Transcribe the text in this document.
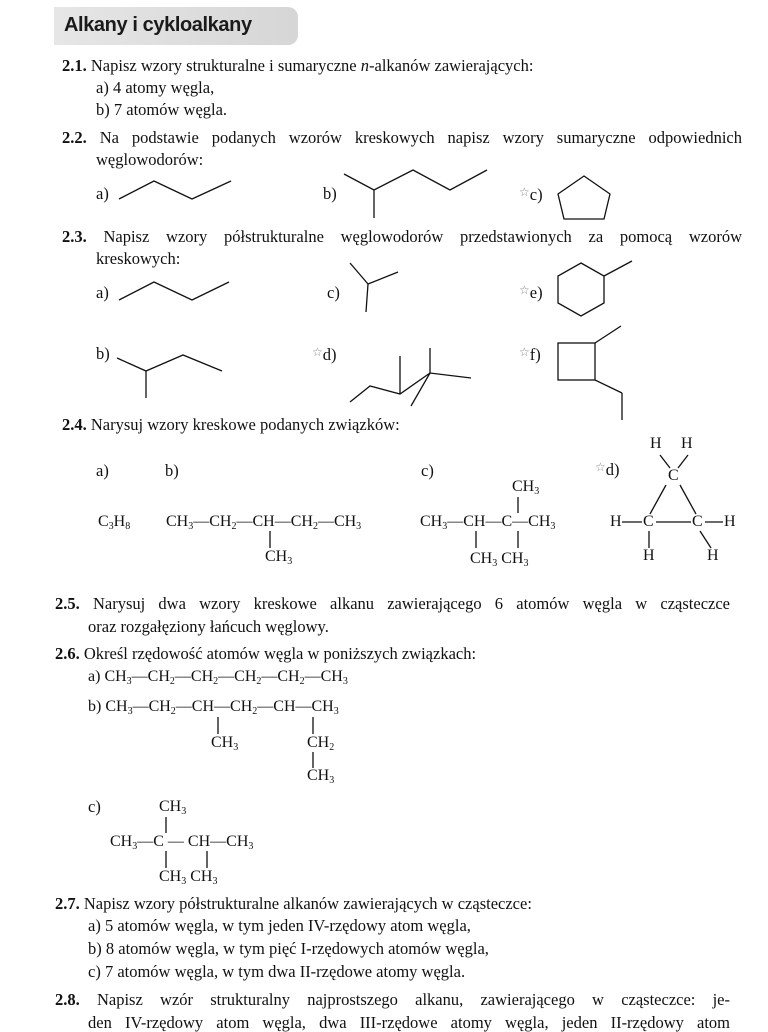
Alkany i cykloalkany
2.1. Napisz wzory strukturalne i sumaryczne n-alkanów zawierających:
a) 4 atomy węgla,
b) 7 atomów węgla.
2.2. Na podstawie podanych wzorów kreskowych napisz wzory sumaryczne odpowiednich
węglowodorów:
a)	b)	☆c)
2.3. Napisz wzory półstrukturalne węglowodorów przedstawionych za pomocą wzorów
kreskowych:
a)	c)	☆e)
b)	☆d)	☆f)
2.4. Narysuj wzory kreskowe podanych związków:
a)	b)	c)	☆d)
$C_3H_8$ $CH_3—CH_2—CH—CH_2—CH_3$
$CH_3$
$CH_3$
$CH_3—CH—C—CH_3$
$CH_3$ $CH_3$
H H
C
H C C H
H	H
2.5. Narysuj dwa wzory kreskowe alkanu zawierającego 6 atomów węgla w cząsteczce
oraz rozgałęziony łańcuch węglowy.
2.6. Określ rzędowość atomów węgla w poniższych związkach:
a) $CH_3—CH_2—CH_2—CH_2—CH_2—CH_3$
b) $CH_3—CH_2—CH—CH_2—CH—CH_3$
$CH_3$	$CH_2$
$CH_3$
c)	$CH_3$
$CH_3—C$ — $CH—CH_3$
$CH_3$ $CH_3$
2.7. Napisz wzory półstrukturalne alkanów zawierających w cząsteczce:
a) 5 atomów węgla, w tym jeden IV-rzędowy atom węgla,
b) 8 atomów węgla, w tym pięć I-rzędowych atomów węgla,
c) 7 atomów węgla, w tym dwa II-rzędowe atomy węgla.
2.8. Napisz wzór strukturalny najprostszego alkanu, zawierającego w cząsteczce: je-
den IV-rzędowy atom węgla, dwa III-rzędowe atomy węgla, jeden II-rzędowy atom
